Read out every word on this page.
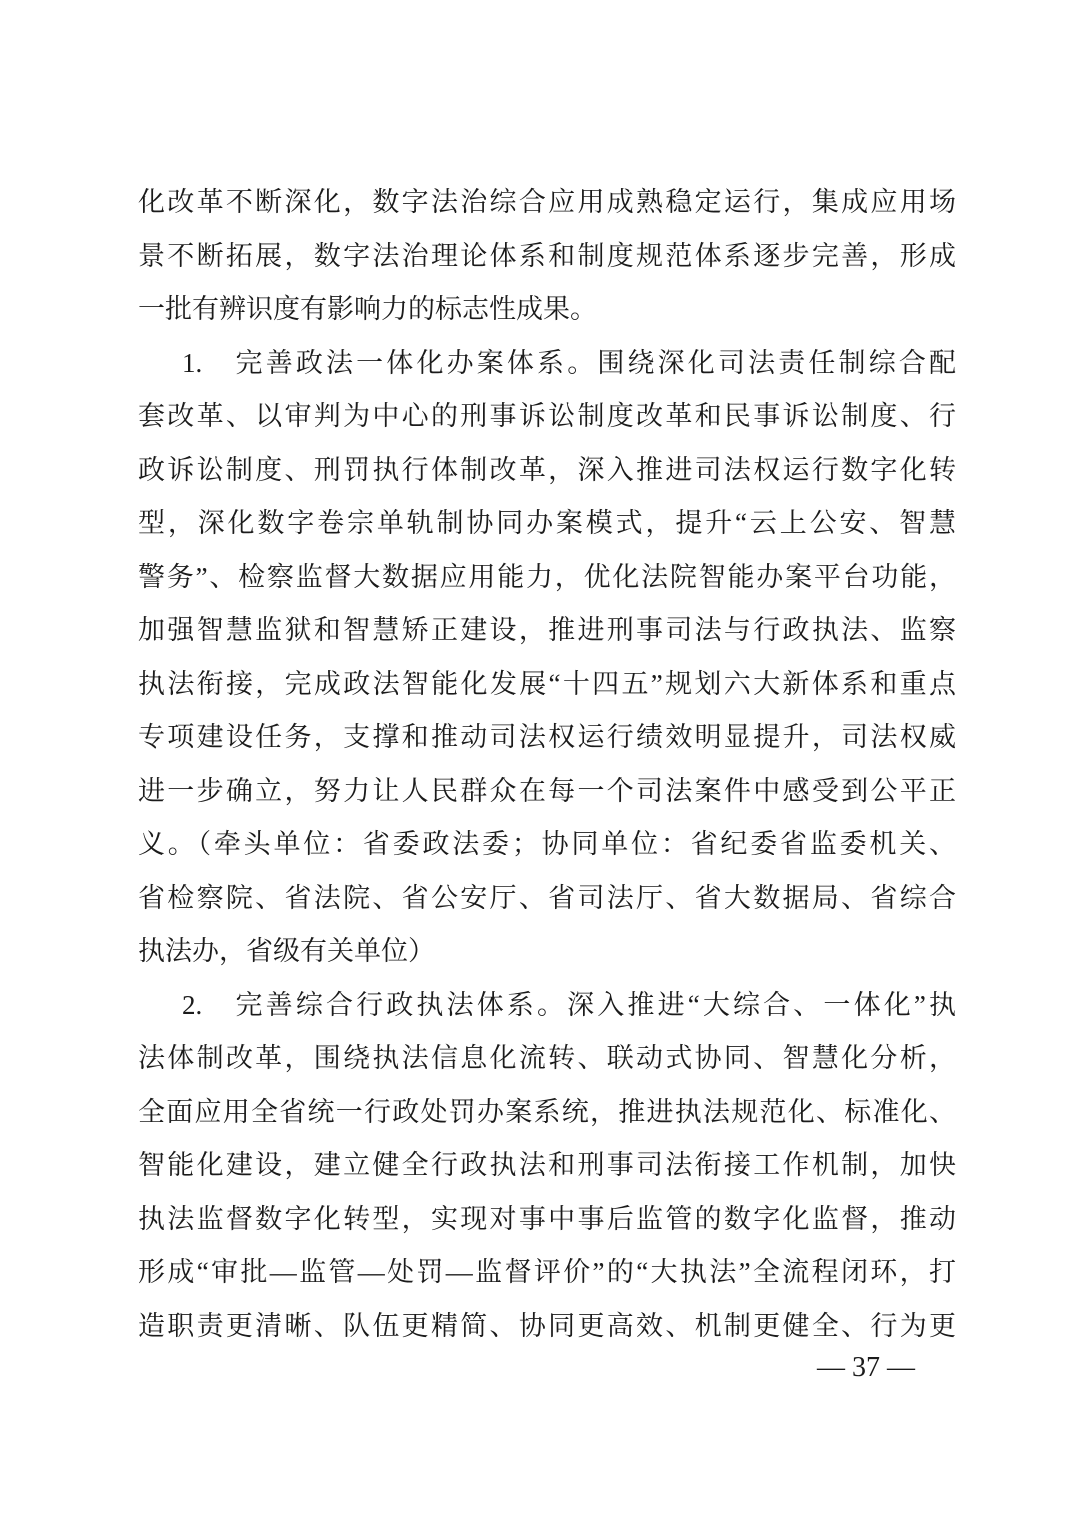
化改革不断深化，数字法治综合应用成熟稳定运行，集成应用场
景不断拓展，数字法治理论体系和制度规范体系逐步完善，形成
一批有辨识度有影响力的标志性成果。
1.　完善政法一体化办案体系。围绕深化司法责任制综合配
套改革、以审判为中心的刑事诉讼制度改革和民事诉讼制度、行
政诉讼制度、刑罚执行体制改革，深入推进司法权运行数字化转
型，深化数字卷宗单轨制协同办案模式，提升“云上公安、智慧
警务”、检察监督大数据应用能力，优化法院智能办案平台功能，
加强智慧监狱和智慧矫正建设，推进刑事司法与行政执法、监察
执法衔接，完成政法智能化发展“十四五”规划六大新体系和重点
专项建设任务，支撑和推动司法权运行绩效明显提升，司法权威
进一步确立，努力让人民群众在每一个司法案件中感受到公平正
义。（牵头单位：省委政法委；协同单位：省纪委省监委机关、
省检察院、省法院、省公安厅、省司法厅、省大数据局、省综合
执法办，省级有关单位）
2.　完善综合行政执法体系。深入推进“大综合、一体化”执
法体制改革，围绕执法信息化流转、联动式协同、智慧化分析，
全面应用全省统一行政处罚办案系统，推进执法规范化、标准化、
智能化建设，建立健全行政执法和刑事司法衔接工作机制，加快
执法监督数字化转型，实现对事中事后监管的数字化监督，推动
形成“审批—监管—处罚—监督评价”的“大执法”全流程闭环，打
造职责更清晰、队伍更精简、协同更高效、机制更健全、行为更
— 37 —
